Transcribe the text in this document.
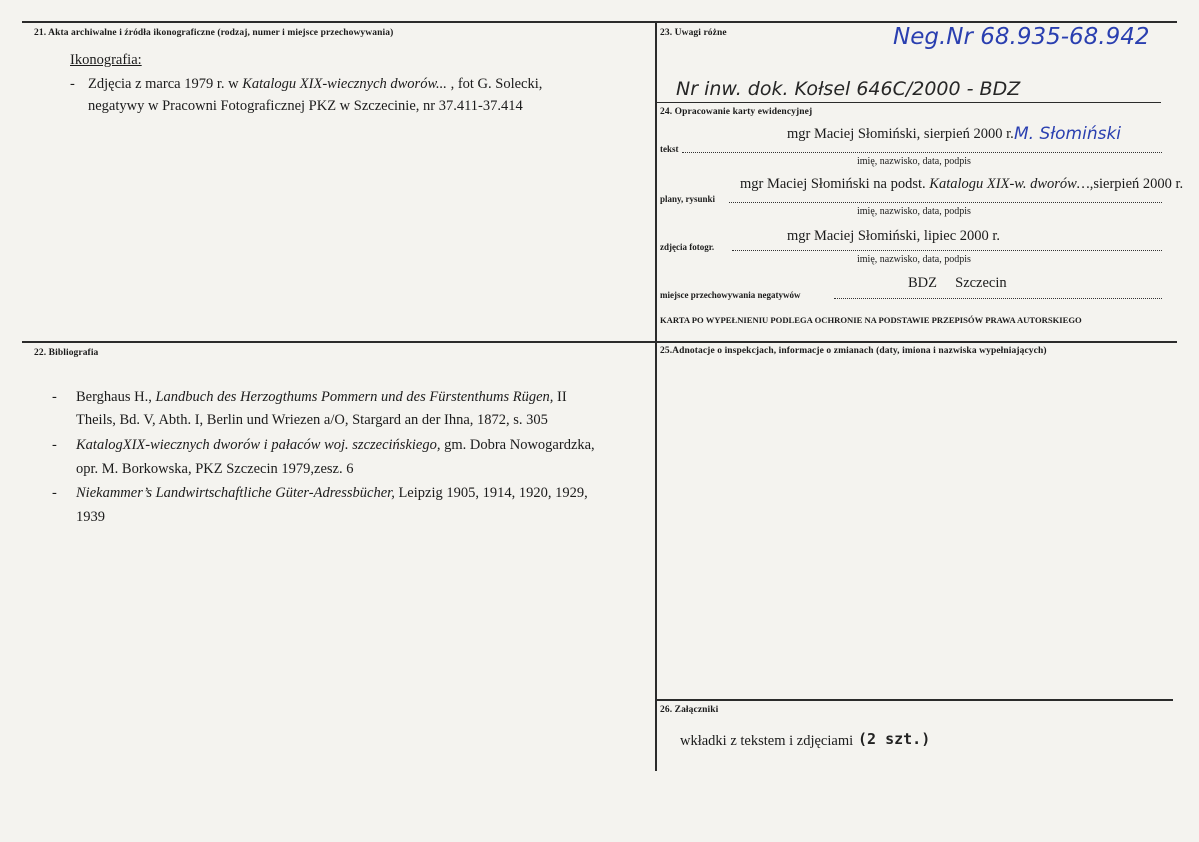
21. Akta archiwalne i źródła ikonograficzne (rodzaj, numer i miejsce przechowywania)
Ikonografia:
- Zdjęcia z marca 1979 r. w Katalogu XIX-wiecznych dworów... , fot G. Solecki,
negatywy w Pracowni Fotograficznej PKZ w Szczecinie, nr 37.411-37.414
22. Bibliografia
- Berghaus H., Landbuch des Herzogthums Pommern und des Fürstenthums Rügen, II
Theils, Bd. V, Abth. I, Berlin und Wriezen a/O, Stargard an der Ihna, 1872, s. 305
- KatalogXIX-wiecznych dworów i pałaców woj. szczecińskiego, gm. Dobra Nowogardzka,
opr. M. Borkowska, PKZ Szczecin 1979,zesz. 6
- Niekammer’s Landwirtschaftliche Güter-Adressbücher, Leipzig 1905, 1914, 1920, 1929,
1939
23. Uwagi różne	Neg.Nr 68.935-68.942
Nr inw. dok. Kołsel 646C/2000 - BDZ
24. Opracowanie karty ewidencyjnej
mgr Maciej Słomiński, sierpień 2000 r. M. Słomiński
tekst
imię, nazwisko, data, podpis
mgr Maciej Słomiński na podst. Katalogu XIX-w. dworów…,sierpień 2000 r.
plany, rysunki
imię, nazwisko, data, podpis
mgr Maciej Słomiński, lipiec 2000 r.
zdjęcia fotogr.
imię, nazwisko, data, podpis
BDZ     Szczecin
miejsce przechowywania negatywów
KARTA PO WYPEŁNIENIU PODLEGA OCHRONIE NA PODSTAWIE PRZEPISÓW PRAWA AUTORSKIEGO
25.Adnotacje o inspekcjach, informacje o zmianach (daty, imiona i nazwiska wypełniających)
26. Załączniki
wkładki z tekstem i zdjęciami (2 szt.)
